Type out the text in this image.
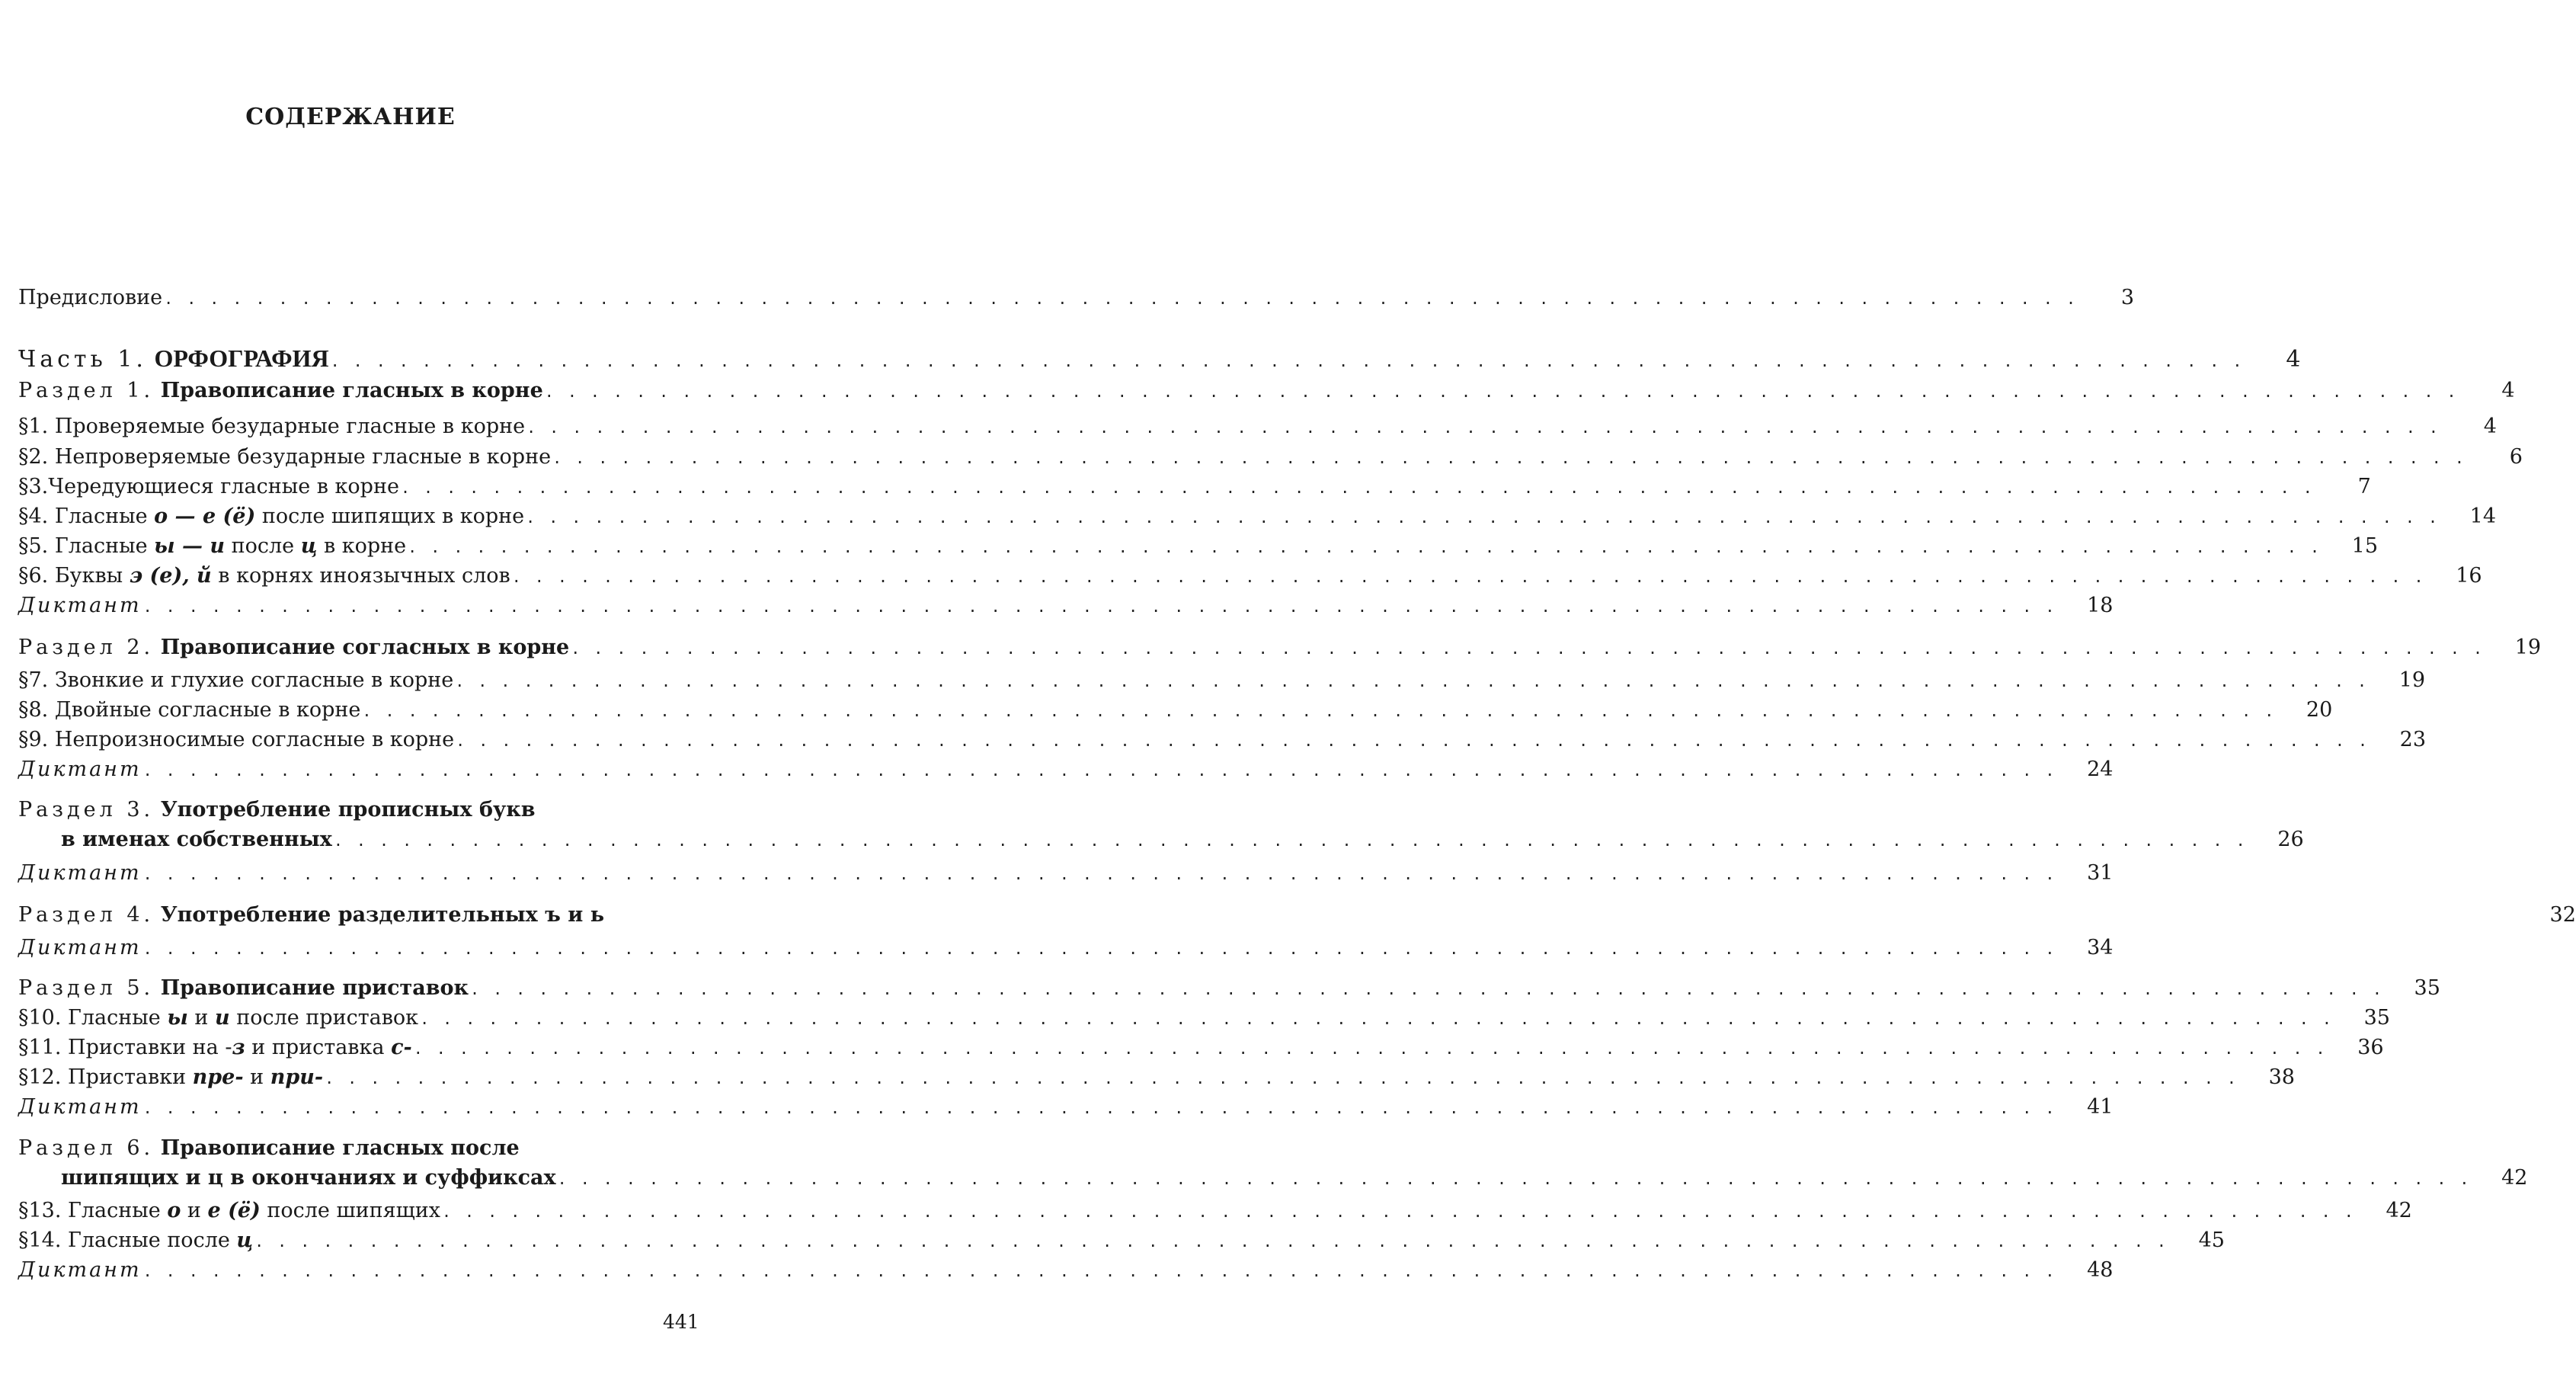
СОДЕРЖАНИЕ
Предисловие . . . . . . . . . . . . . . . . . . . . . . . . . . . . . . . . . . . . . . . . . . . . . . . . . . . . . . . . . . . . . . . . . . . . . . . . . . . . . . . . . . . .	3
Часть 1. ОРФОГРАФИЯ . . . . . . . . . . . . . . . . . . . . . . . . . . . . . . . . . . . . . . . . . . . . . . . . . . . . . . . . . . . . . . . . . . . . . . . . . . . . . . . . . . . .	4
Раздел 1. Правописание гласных в корне . . . . . . . . . . . . . . . . . . . . . . . . . . . . . . . . . . . . . . . . . . . . . . . . . . . . . . . . . . . . . . . . . . . . . . . . . . . . . . . . . . . .	4
§1. Проверяемые безударные гласные в корне . . . . . . . . . . . . . . . . . . . . . . . . . . . . . . . . . . . . . . . . . . . . . . . . . . . . . . . . . . . . . . . . . . . . . . . . . . . . . . . . . . . .	4
§2. Непроверяемые безударные гласные в корне . . . . . . . . . . . . . . . . . . . . . . . . . . . . . . . . . . . . . . . . . . . . . . . . . . . . . . . . . . . . . . . . . . . . . . . . . . . . . . . . . . . .	6
§3.Чередующиеся гласные в корне . . . . . . . . . . . . . . . . . . . . . . . . . . . . . . . . . . . . . . . . . . . . . . . . . . . . . . . . . . . . . . . . . . . . . . . . . . . . . . . . . . . .	7
§4. Гласные о — е (ё) после шипящих в корне . . . . . . . . . . . . . . . . . . . . . . . . . . . . . . . . . . . . . . . . . . . . . . . . . . . . . . . . . . . . . . . . . . . . . . . . . . . . . . . . . . . .	14
§5. Гласные ы — и после ц в корне . . . . . . . . . . . . . . . . . . . . . . . . . . . . . . . . . . . . . . . . . . . . . . . . . . . . . . . . . . . . . . . . . . . . . . . . . . . . . . . . . . . .	15
§6. Буквы э (е), й в корнях иноязычных слов . . . . . . . . . . . . . . . . . . . . . . . . . . . . . . . . . . . . . . . . . . . . . . . . . . . . . . . . . . . . . . . . . . . . . . . . . . . . . . . . . . . .	16
Диктант . . . . . . . . . . . . . . . . . . . . . . . . . . . . . . . . . . . . . . . . . . . . . . . . . . . . . . . . . . . . . . . . . . . . . . . . . . . . . . . . . . . .	18
Раздел 2. Правописание согласных в корне . . . . . . . . . . . . . . . . . . . . . . . . . . . . . . . . . . . . . . . . . . . . . . . . . . . . . . . . . . . . . . . . . . . . . . . . . . . . . . . . . . . .	19
§7. Звонкие и глухие согласные в корне . . . . . . . . . . . . . . . . . . . . . . . . . . . . . . . . . . . . . . . . . . . . . . . . . . . . . . . . . . . . . . . . . . . . . . . . . . . . . . . . . . . .	19
§8. Двойные согласные в корне . . . . . . . . . . . . . . . . . . . . . . . . . . . . . . . . . . . . . . . . . . . . . . . . . . . . . . . . . . . . . . . . . . . . . . . . . . . . . . . . . . . .	20
§9. Непроизносимые согласные в корне . . . . . . . . . . . . . . . . . . . . . . . . . . . . . . . . . . . . . . . . . . . . . . . . . . . . . . . . . . . . . . . . . . . . . . . . . . . . . . . . . . . .	23
Диктант . . . . . . . . . . . . . . . . . . . . . . . . . . . . . . . . . . . . . . . . . . . . . . . . . . . . . . . . . . . . . . . . . . . . . . . . . . . . . . . . . . . .	24
Раздел 3. Употребление прописных букв
в именах собственных . . . . . . . . . . . . . . . . . . . . . . . . . . . . . . . . . . . . . . . . . . . . . . . . . . . . . . . . . . . . . . . . . . . . . . . . . . . . . . . . . . . .	26
Диктант . . . . . . . . . . . . . . . . . . . . . . . . . . . . . . . . . . . . . . . . . . . . . . . . . . . . . . . . . . . . . . . . . . . . . . . . . . . . . . . . . . . .	31
Раздел 4. Употребление разделительных ъ и ь	32
Диктант . . . . . . . . . . . . . . . . . . . . . . . . . . . . . . . . . . . . . . . . . . . . . . . . . . . . . . . . . . . . . . . . . . . . . . . . . . . . . . . . . . . .	34
Раздел 5. Правописание приставок . . . . . . . . . . . . . . . . . . . . . . . . . . . . . . . . . . . . . . . . . . . . . . . . . . . . . . . . . . . . . . . . . . . . . . . . . . . . . . . . . . . .	35
§10. Гласные ы и и после приставок . . . . . . . . . . . . . . . . . . . . . . . . . . . . . . . . . . . . . . . . . . . . . . . . . . . . . . . . . . . . . . . . . . . . . . . . . . . . . . . . . . . .	35
§11. Приставки на -з и приставка с- . . . . . . . . . . . . . . . . . . . . . . . . . . . . . . . . . . . . . . . . . . . . . . . . . . . . . . . . . . . . . . . . . . . . . . . . . . . . . . . . . . . .	36
§12. Приставки пре- и при- . . . . . . . . . . . . . . . . . . . . . . . . . . . . . . . . . . . . . . . . . . . . . . . . . . . . . . . . . . . . . . . . . . . . . . . . . . . . . . . . . . . .	38
Диктант . . . . . . . . . . . . . . . . . . . . . . . . . . . . . . . . . . . . . . . . . . . . . . . . . . . . . . . . . . . . . . . . . . . . . . . . . . . . . . . . . . . .	41
Раздел 6. Правописание гласных после
шипящих и ц в окончаниях и суффиксах . . . . . . . . . . . . . . . . . . . . . . . . . . . . . . . . . . . . . . . . . . . . . . . . . . . . . . . . . . . . . . . . . . . . . . . . . . . . . . . . . . . .	42
§13. Гласные о и е (ё) после шипящих . . . . . . . . . . . . . . . . . . . . . . . . . . . . . . . . . . . . . . . . . . . . . . . . . . . . . . . . . . . . . . . . . . . . . . . . . . . . . . . . . . . .	42
§14. Гласные после ц . . . . . . . . . . . . . . . . . . . . . . . . . . . . . . . . . . . . . . . . . . . . . . . . . . . . . . . . . . . . . . . . . . . . . . . . . . . . . . . . . . . .	45
Диктант . . . . . . . . . . . . . . . . . . . . . . . . . . . . . . . . . . . . . . . . . . . . . . . . . . . . . . . . . . . . . . . . . . . . . . . . . . . . . . . . . . . .	48
441
